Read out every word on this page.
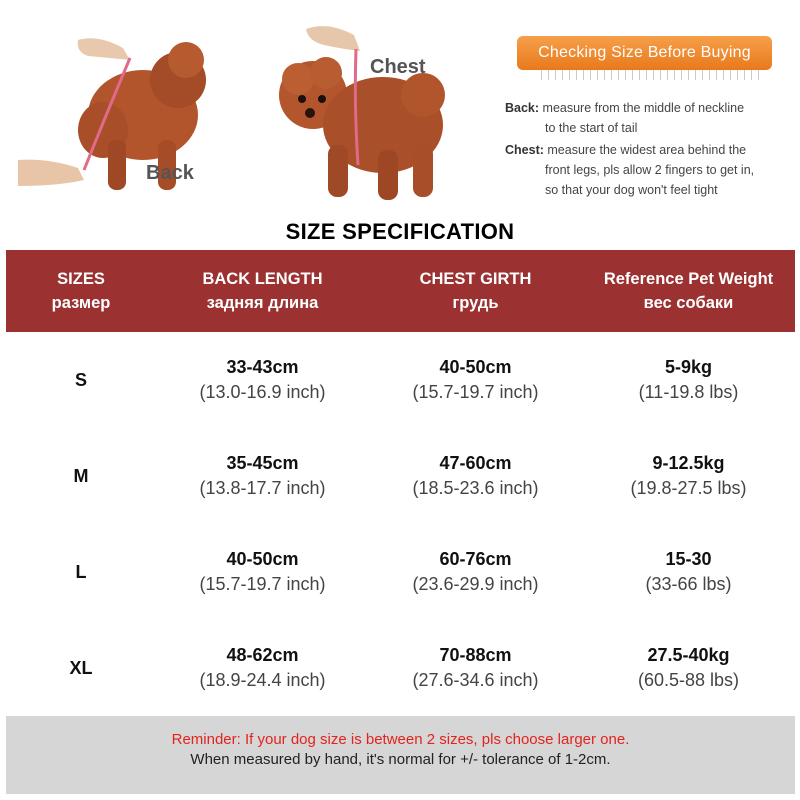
Back
Chest
Checking Size Before Buying

Back: measure from the middle of neckline
to the start of tail

Chest: measure the widest area behind the
front legs, pls allow 2 fingers to get in,
so that your dog won't feel tight

SIZE SPECIFICATION
SIZES
размер
BACK LENGTH
задняя длина
CHEST GIRTH
грудь
Reference Pet Weight
вес собаки
S
33-43cm
(13.0-16.9 inch)
40-50cm
(15.7-19.7 inch)
5-9kg
(11-19.8 lbs)
M
35-45cm
(13.8-17.7 inch)
47-60cm
(18.5-23.6 inch)
9-12.5kg
(19.8-27.5 lbs)
L
40-50cm
(15.7-19.7 inch)
60-76cm
(23.6-29.9 inch)
15-30
(33-66 lbs)
XL
48-62cm
(18.9-24.4 inch)
70-88cm
(27.6-34.6 inch)
27.5-40kg
(60.5-88 lbs)
Reminder: If your dog size is between 2 sizes, pls choose larger one.
When measured by hand, it's normal for +/- tolerance of 1-2cm.
